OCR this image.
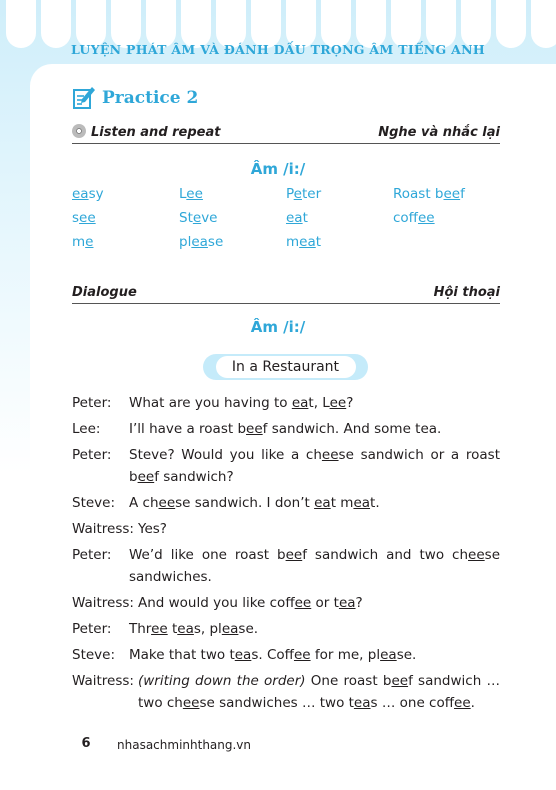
LUYỆN PHÁT ÂM VÀ ĐÁNH DẤU TRỌNG ÂM TIẾNG ANH
Practice 2
Listen and repeat	Nghe và nhắc lại
Âm /i:/
easy	Lee	Peter	Roast beef
see	Steve	eat	coffee
me	please	meat
Dialogue	Hội thoại
Âm /i:/
In a Restaurant
Peter:	What are you having to eat, Lee?
Lee:	I’ll have a roast beef sandwich. And some tea.
Peter:	Steve? Would you like a cheese sandwich or a roast beef sandwich?
Steve:	A cheese sandwich. I don’t eat meat.
Waitress: Yes?
Peter:	We’d like one roast beef sandwich and two cheese sandwiches.
Waitress: And would you like coffee or tea?
Peter:	Three teas, please.
Steve:	Make that two teas. Coffee for me, please.
Waitress: (writing down the order) One roast beef sandwich … two cheese sandwiches … two teas … one coffee.
6	nhasachminhthang.vn
